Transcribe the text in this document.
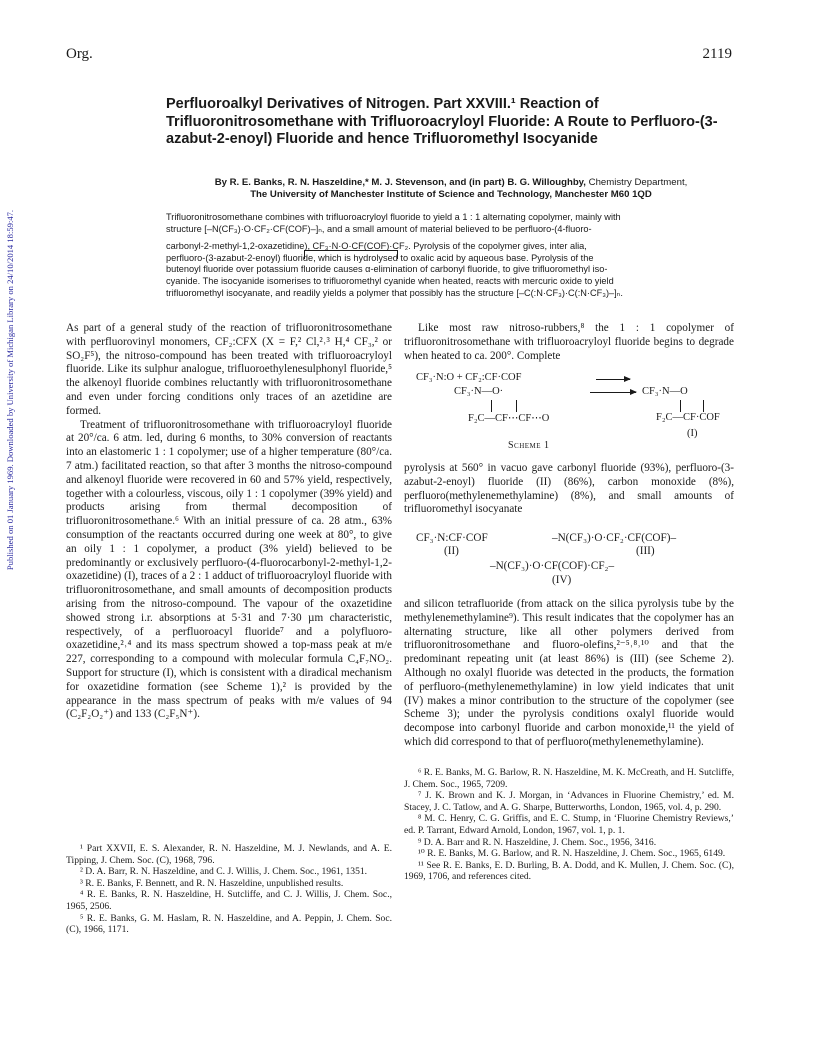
Published on 01 January 1969. Downloaded by University of Michigan Library on 24/10/2014 18:59:47.
Org.	2119
Perfluoroalkyl Derivatives of Nitrogen. Part XXVIII.¹ Reaction of Trifluoronitrosomethane with Trifluoroacryloyl Fluoride: A Route to Perfluoro-(3-azabut-2-enoyl) Fluoride and hence Trifluoromethyl Isocyanide
By R. E. Banks, R. N. Haszeldine,* M. J. Stevenson, and (in part) B. G. Willoughby, Chemistry Department,
The University of Manchester Institute of Science and Technology, Manchester M60 1QD
Trifluoronitrosomethane combines with trifluoroacryloyl fluoride to yield a 1 : 1 alternating copolymer, mainly with
structure [–N(CF₃)·O·CF₂·CF(COF)–]ₙ, and a small amount of material believed to be perfluoro-(4-fluoro-
carbonyl-2-methyl-1,2-oxazetidine), CF₃·N·O·CF(COF)·CF₂. Pyrolysis of the copolymer gives, inter alia,
perfluoro-(3-azabut-2-enoyl) fluoride, which is hydrolysed to oxalic acid by aqueous base. Pyrolysis of the
butenoyl fluoride over potassium fluoride causes α-elimination of carbonyl fluoride, to give trifluoromethyl iso-
cyanide. The isocyanide isomerises to trifluoromethyl cyanide when heated, reacts with mercuric oxide to yield
trifluoromethyl isocyanate, and readily yields a polymer that possibly has the structure [–C(:N·CF₃)·C(:N·CF₃)–]ₙ.

As part of a general study of the reaction of trifluoronitrosomethane with perfluorovinyl monomers, CF₂:CFX (X = F,² Cl,²˒³ H,⁴ CF₃,² or SO₂F⁵), the nitroso-compound has been treated with trifluoroacryloyl fluoride. Like its sulphur analogue, trifluoroethylenesulphonyl fluoride,⁵ the alkenoyl fluoride combines reluctantly with trifluoronitrosomethane and even under forcing conditions only traces of an azetidine are formed.

Treatment of trifluoronitrosomethane with trifluoroacryloyl fluoride at 20°/ca. 6 atm. led, during 6 months, to 30% conversion of reactants into an elastomeric 1 : 1 copolymer; use of a higher temperature (80°/ca. 7 atm.) facilitated reaction, so that after 3 months the nitroso-compound and alkenoyl fluoride were recovered in 60 and 57% yield, respectively, together with a colourless, viscous, oily 1 : 1 copolymer (39% yield) and products arising from thermal decomposition of trifluoronitrosomethane.⁶ With an initial pressure of ca. 28 atm., 63% consumption of the reactants occurred during one week at 80°, to give an oily 1 : 1 copolymer, a product (3% yield) believed to be predominantly or exclusively perfluoro-(4-fluorocarbonyl-2-methyl-1,2-oxazetidine) (I), traces of a 2 : 1 adduct of trifluoroacryloyl fluoride with trifluoronitrosomethane, and small amounts of decomposition products arising from the nitroso-compound. The vapour of the oxazetidine showed strong i.r. absorptions at 5·31 and 7·30 µm characteristic, respectively, of a perfluoroacyl fluoride⁷ and a polyfluoro-oxazetidine,²˒⁴ and its mass spectrum showed a top-mass peak at m/e 227, corresponding to a compound with molecular formula C₄F₇NO₂. Support for structure (I), which is consistent with a diradical mechanism for oxazetidine formation (see Scheme 1),² is provided by the appearance in the mass spectrum of peaks with m/e values of 94 (C₂F₂O₂⁺) and 133 (C₂F₅N⁺).

¹ Part XXVII, E. S. Alexander, R. N. Haszeldine, M. J. Newlands, and A. E. Tipping, J. Chem. Soc. (C), 1968, 796.

² D. A. Barr, R. N. Haszeldine, and C. J. Willis, J. Chem. Soc., 1961, 1351.

³ R. E. Banks, F. Bennett, and R. N. Haszeldine, unpublished results.

⁴ R. E. Banks, R. N. Haszeldine, H. Sutcliffe, and C. J. Willis, J. Chem. Soc., 1965, 2506.

⁵ R. E. Banks, G. M. Haslam, R. N. Haszeldine, and A. Peppin, J. Chem. Soc. (C), 1966, 1171.

Like most raw nitroso-rubbers,⁸ the 1 : 1 copolymer of trifluoronitrosomethane with trifluoroacryloyl fluoride begins to degrade when heated to ca. 200°. Complete

CF₃·N:O + CF₂:CF·COF
CF₃·N—O·
F₂C—CF⋯CF⋯O
CF₃·N—O
F₂C—CF·COF
(I)
Scheme 1

pyrolysis at 560° in vacuo gave carbonyl fluoride (93%), perfluoro-(3-azabut-2-enoyl) fluoride (II) (86%), carbon monoxide (8%), perfluoro(methylenemethylamine) (8%), and small amounts of trifluoromethyl isocyanate

CF₃·N:CF·COF
(II)
–N(CF₃)·O·CF₂·CF(COF)–
(III)
–N(CF₃)·O·CF(COF)·CF₂–
(IV)

and silicon tetrafluoride (from attack on the silica pyrolysis tube by the methylenemethylamine⁹). This result indicates that the copolymer has an alternating structure, like all other polymers derived from trifluoronitrosomethane and fluoro-olefins,²⁻⁵˒⁸˒¹⁰ and that the predominant repeating unit (at least 86%) is (III) (see Scheme 2). Although no oxalyl fluoride was detected in the products, the formation of perfluoro-(methylenemethylamine) in low yield indicates that unit (IV) makes a minor contribution to the structure of the copolymer (see Scheme 3); under the pyrolysis conditions oxalyl fluoride would decompose into carbonyl fluoride and carbon monoxide,¹¹ the yield of which did correspond to that of perfluoro(methylenemethylamine).

⁶ R. E. Banks, M. G. Barlow, R. N. Haszeldine, M. K. McCreath, and H. Sutcliffe, J. Chem. Soc., 1965, 7209.

⁷ J. K. Brown and K. J. Morgan, in ‘Advances in Fluorine Chemistry,’ ed. M. Stacey, J. C. Tatlow, and A. G. Sharpe, Butterworths, London, 1965, vol. 4, p. 290.

⁸ M. C. Henry, C. G. Griffis, and E. C. Stump, in ‘Fluorine Chemistry Reviews,’ ed. P. Tarrant, Edward Arnold, London, 1967, vol. 1, p. 1.

⁹ D. A. Barr and R. N. Haszeldine, J. Chem. Soc., 1956, 3416.

¹⁰ R. E. Banks, M. G. Barlow, and R. N. Haszeldine, J. Chem. Soc., 1965, 6149.

¹¹ See R. E. Banks, E. D. Burling, B. A. Dodd, and K. Mullen, J. Chem. Soc. (C), 1969, 1706, and references cited.
